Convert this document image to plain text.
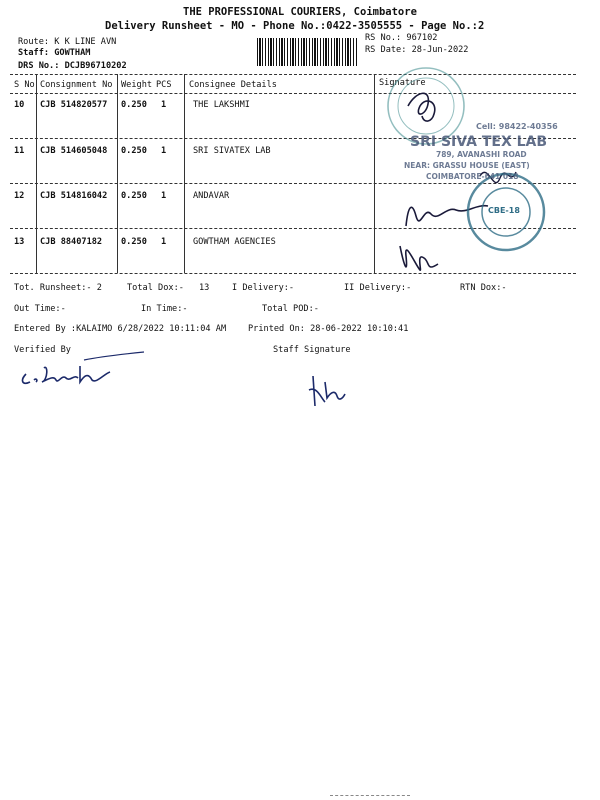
THE PROFESSIONAL COURIERS, Coimbatore
Delivery Runsheet - MO - Phone No.:0422-3505555 - Page No.:2
Route: K K LINE AVN
Staff: GOWTHAM
DRS No.: DCJB96710202
RS No.: 967102
RS Date: 28-Jun-2022
S No Consignment No Weight PCS Consignee Details	Signature
10 CJB 514820577 0.250 1	THE LAKSHMI
11 CJB 514605048 0.250 1	SRI SIVATEX LAB
12 CJB 514816042 0.250 1	ANDAVAR
13 CJB 88407182 0.250 1	GOWTHAM AGENCIES
Cell: 98422-40356
SRI SIVA TEX LAB
789, AVANASHI ROAD
NEAR: GRASSU HOUSE (EAST)
COIMBATORE-641 018
CBE-18
Tot. Runsheet:- 2	Total Dox:- 13	I Delivery:-	II Delivery:-	RTN Dox:-
Out Time:-	In Time:-	Total POD:-
Entered By :KALAIMO 6/28/2022 10:11:04 AM	Printed On: 28-06-2022 10:10:41
Verified By	Staff Signature
